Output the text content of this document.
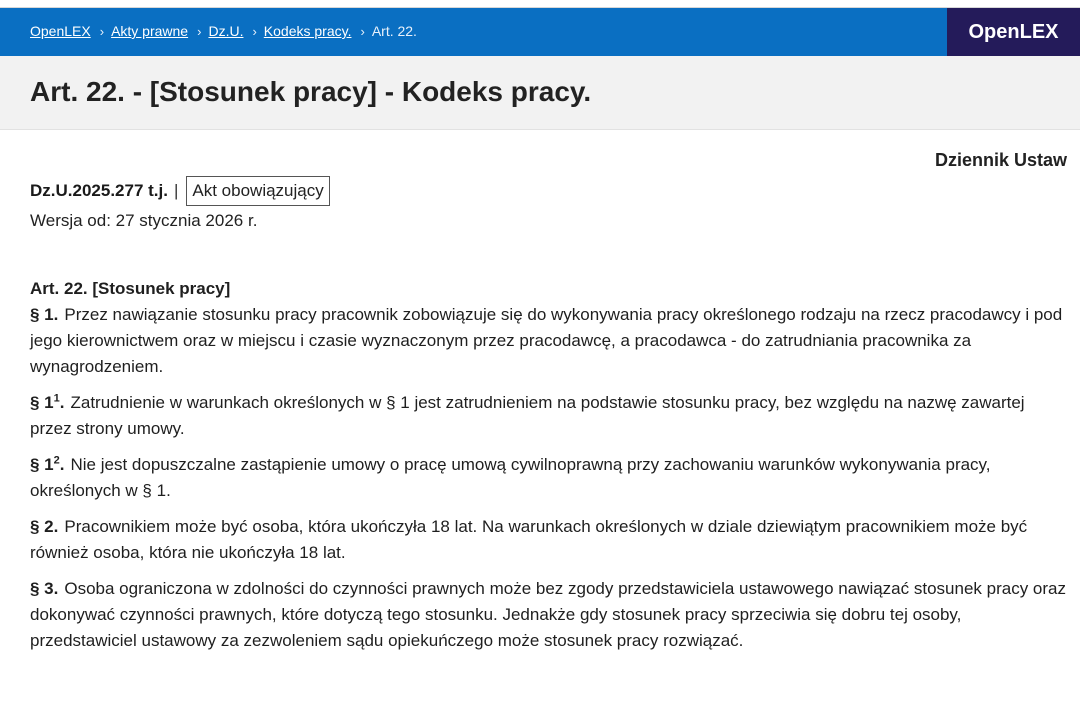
OpenLEX › Akty prawne › Dz.U. › Kodeks pracy. › Art. 22.	OpenLEX
Art. 22. - [Stosunek pracy] - Kodeks pracy.
Dziennik Ustaw
Dz.U.2025.277 t.j. | Akt obowiązujący
Wersja od: 27 stycznia 2026 r.
Art. 22. [Stosunek pracy]
§ 1. Przez nawiązanie stosunku pracy pracownik zobowiązuje się do wykonywania pracy określonego rodzaju na rzecz pracodawcy i pod jego kierownictwem oraz w miejscu i czasie wyznaczonym przez pracodawcę, a pracodawca - do zatrudniania pracownika za wynagrodzeniem.
§ $1^1$. Zatrudnienie w warunkach określonych w § 1 jest zatrudnieniem na podstawie stosunku pracy, bez względu na nazwę zawartej przez strony umowy.
§ $1^2$. Nie jest dopuszczalne zastąpienie umowy o pracę umową cywilnoprawną przy zachowaniu warunków wykonywania pracy, określonych w § 1.
§ 2. Pracownikiem może być osoba, która ukończyła 18 lat. Na warunkach określonych w dziale dziewiątym pracownikiem może być również osoba, która nie ukończyła 18 lat.
§ 3. Osoba ograniczona w zdolności do czynności prawnych może bez zgody przedstawiciela ustawowego nawiązać stosunek pracy oraz dokonywać czynności prawnych, które dotyczą tego stosunku. Jednakże gdy stosunek pracy sprzeciwia się dobru tej osoby, przedstawiciel ustawowy za zezwoleniem sądu opiekuńczego może stosunek pracy rozwiązać.
